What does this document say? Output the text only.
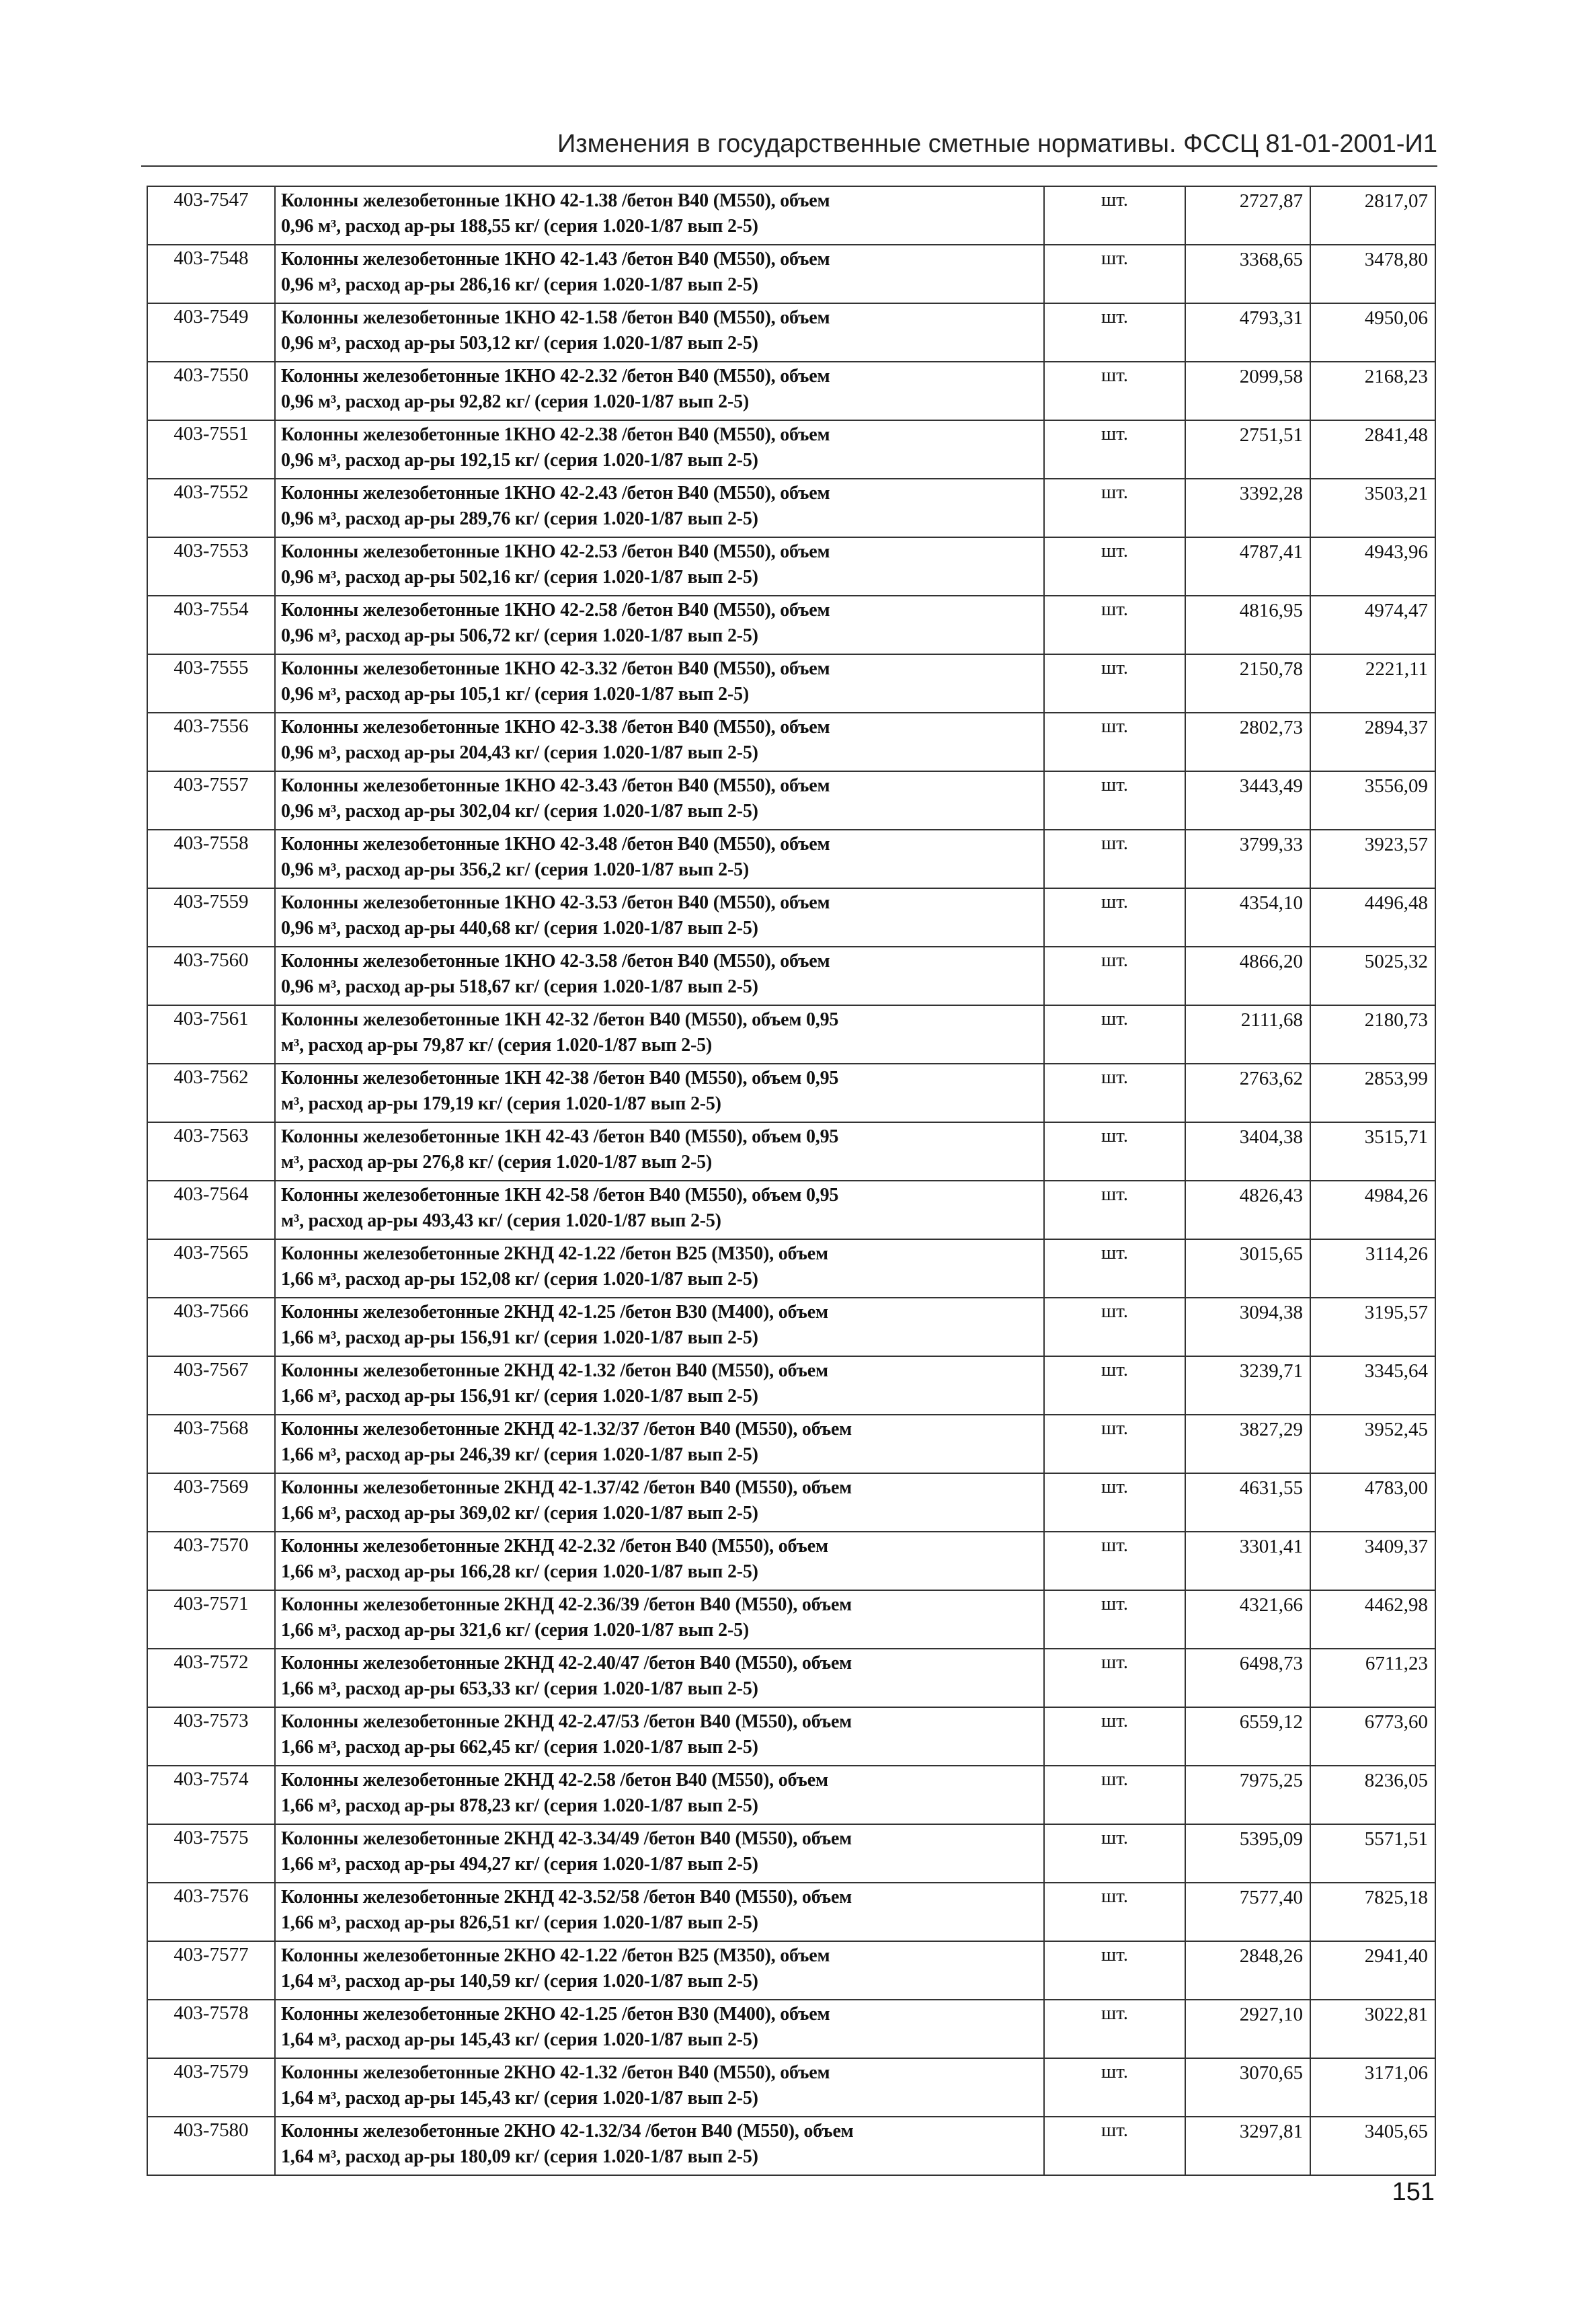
Изменения в государственные сметные нормативы. ФССЦ 81-01-2001-И1
403-7547	Колонны железобетонные 1КНО 42-1.38 /бетон В40 (М550), объем
0,96 м³, расход ар-ры 188,55 кг/ (серия 1.020-1/87 вып 2-5)	шт.	2727,87	2817,07
403-7548	Колонны железобетонные 1КНО 42-1.43 /бетон В40 (М550), объем
0,96 м³, расход ар-ры 286,16 кг/ (серия 1.020-1/87 вып 2-5)	шт.	3368,65	3478,80
403-7549	Колонны железобетонные 1КНО 42-1.58 /бетон В40 (М550), объем
0,96 м³, расход ар-ры 503,12 кг/ (серия 1.020-1/87 вып 2-5)	шт.	4793,31	4950,06
403-7550	Колонны железобетонные 1КНО 42-2.32 /бетон В40 (М550), объем
0,96 м³, расход ар-ры 92,82 кг/ (серия 1.020-1/87 вып 2-5)	шт.	2099,58	2168,23
403-7551	Колонны железобетонные 1КНО 42-2.38 /бетон В40 (М550), объем
0,96 м³, расход ар-ры 192,15 кг/ (серия 1.020-1/87 вып 2-5)	шт.	2751,51	2841,48
403-7552	Колонны железобетонные 1КНО 42-2.43 /бетон В40 (М550), объем
0,96 м³, расход ар-ры 289,76 кг/ (серия 1.020-1/87 вып 2-5)	шт.	3392,28	3503,21
403-7553	Колонны железобетонные 1КНО 42-2.53 /бетон В40 (М550), объем
0,96 м³, расход ар-ры 502,16 кг/ (серия 1.020-1/87 вып 2-5)	шт.	4787,41	4943,96
403-7554	Колонны железобетонные 1КНО 42-2.58 /бетон В40 (М550), объем
0,96 м³, расход ар-ры 506,72 кг/ (серия 1.020-1/87 вып 2-5)	шт.	4816,95	4974,47
403-7555	Колонны железобетонные 1КНО 42-3.32 /бетон В40 (М550), объем
0,96 м³, расход ар-ры 105,1 кг/ (серия 1.020-1/87 вып 2-5)	шт.	2150,78	2221,11
403-7556	Колонны железобетонные 1КНО 42-3.38 /бетон В40 (М550), объем
0,96 м³, расход ар-ры 204,43 кг/ (серия 1.020-1/87 вып 2-5)	шт.	2802,73	2894,37
403-7557	Колонны железобетонные 1КНО 42-3.43 /бетон В40 (М550), объем
0,96 м³, расход ар-ры 302,04 кг/ (серия 1.020-1/87 вып 2-5)	шт.	3443,49	3556,09
403-7558	Колонны железобетонные 1КНО 42-3.48 /бетон В40 (М550), объем
0,96 м³, расход ар-ры 356,2 кг/ (серия 1.020-1/87 вып 2-5)	шт.	3799,33	3923,57
403-7559	Колонны железобетонные 1КНО 42-3.53 /бетон В40 (М550), объем
0,96 м³, расход ар-ры 440,68 кг/ (серия 1.020-1/87 вып 2-5)	шт.	4354,10	4496,48
403-7560	Колонны железобетонные 1КНО 42-3.58 /бетон В40 (М550), объем
0,96 м³, расход ар-ры 518,67 кг/ (серия 1.020-1/87 вып 2-5)	шт.	4866,20	5025,32
403-7561	Колонны железобетонные 1КН 42-32 /бетон В40 (М550), объем 0,95
м³, расход ар-ры 79,87 кг/ (серия 1.020-1/87 вып 2-5)	шт.	2111,68	2180,73
403-7562	Колонны железобетонные 1КН 42-38 /бетон В40 (М550), объем 0,95
м³, расход ар-ры 179,19 кг/ (серия 1.020-1/87 вып 2-5)	шт.	2763,62	2853,99
403-7563	Колонны железобетонные 1КН 42-43 /бетон В40 (М550), объем 0,95
м³, расход ар-ры 276,8 кг/ (серия 1.020-1/87 вып 2-5)	шт.	3404,38	3515,71
403-7564	Колонны железобетонные 1КН 42-58 /бетон В40 (М550), объем 0,95
м³, расход ар-ры 493,43 кг/ (серия 1.020-1/87 вып 2-5)	шт.	4826,43	4984,26
403-7565	Колонны железобетонные 2КНД 42-1.22 /бетон В25 (М350), объем
1,66 м³, расход ар-ры 152,08 кг/ (серия 1.020-1/87 вып 2-5)	шт.	3015,65	3114,26
403-7566	Колонны железобетонные 2КНД 42-1.25 /бетон В30 (М400), объем
1,66 м³, расход ар-ры 156,91 кг/ (серия 1.020-1/87 вып 2-5)	шт.	3094,38	3195,57
403-7567	Колонны железобетонные 2КНД 42-1.32 /бетон В40 (М550), объем
1,66 м³, расход ар-ры 156,91 кг/ (серия 1.020-1/87 вып 2-5)	шт.	3239,71	3345,64
403-7568	Колонны железобетонные 2КНД 42-1.32/37 /бетон В40 (М550), объем
1,66 м³, расход ар-ры 246,39 кг/ (серия 1.020-1/87 вып 2-5)	шт.	3827,29	3952,45
403-7569	Колонны железобетонные 2КНД 42-1.37/42 /бетон В40 (М550), объем
1,66 м³, расход ар-ры 369,02 кг/ (серия 1.020-1/87 вып 2-5)	шт.	4631,55	4783,00
403-7570	Колонны железобетонные 2КНД 42-2.32 /бетон В40 (М550), объем
1,66 м³, расход ар-ры 166,28 кг/ (серия 1.020-1/87 вып 2-5)	шт.	3301,41	3409,37
403-7571	Колонны железобетонные 2КНД 42-2.36/39 /бетон В40 (М550), объем
1,66 м³, расход ар-ры 321,6 кг/ (серия 1.020-1/87 вып 2-5)	шт.	4321,66	4462,98
403-7572	Колонны железобетонные 2КНД 42-2.40/47 /бетон В40 (М550), объем
1,66 м³, расход ар-ры 653,33 кг/ (серия 1.020-1/87 вып 2-5)	шт.	6498,73	6711,23
403-7573	Колонны железобетонные 2КНД 42-2.47/53 /бетон В40 (М550), объем
1,66 м³, расход ар-ры 662,45 кг/ (серия 1.020-1/87 вып 2-5)	шт.	6559,12	6773,60
403-7574	Колонны железобетонные 2КНД 42-2.58 /бетон В40 (М550), объем
1,66 м³, расход ар-ры 878,23 кг/ (серия 1.020-1/87 вып 2-5)	шт.	7975,25	8236,05
403-7575	Колонны железобетонные 2КНД 42-3.34/49 /бетон В40 (М550), объем
1,66 м³, расход ар-ры 494,27 кг/ (серия 1.020-1/87 вып 2-5)	шт.	5395,09	5571,51
403-7576	Колонны железобетонные 2КНД 42-3.52/58 /бетон В40 (М550), объем
1,66 м³, расход ар-ры 826,51 кг/ (серия 1.020-1/87 вып 2-5)	шт.	7577,40	7825,18
403-7577	Колонны железобетонные 2КНО 42-1.22 /бетон В25 (М350), объем
1,64 м³, расход ар-ры 140,59 кг/ (серия 1.020-1/87 вып 2-5)	шт.	2848,26	2941,40
403-7578	Колонны железобетонные 2КНО 42-1.25 /бетон В30 (М400), объем
1,64 м³, расход ар-ры 145,43 кг/ (серия 1.020-1/87 вып 2-5)	шт.	2927,10	3022,81
403-7579	Колонны железобетонные 2КНО 42-1.32 /бетон В40 (М550), объем
1,64 м³, расход ар-ры 145,43 кг/ (серия 1.020-1/87 вып 2-5)	шт.	3070,65	3171,06
403-7580	Колонны железобетонные 2КНО 42-1.32/34 /бетон В40 (М550), объем
1,64 м³, расход ар-ры 180,09 кг/ (серия 1.020-1/87 вып 2-5)	шт.	3297,81	3405,65
151
